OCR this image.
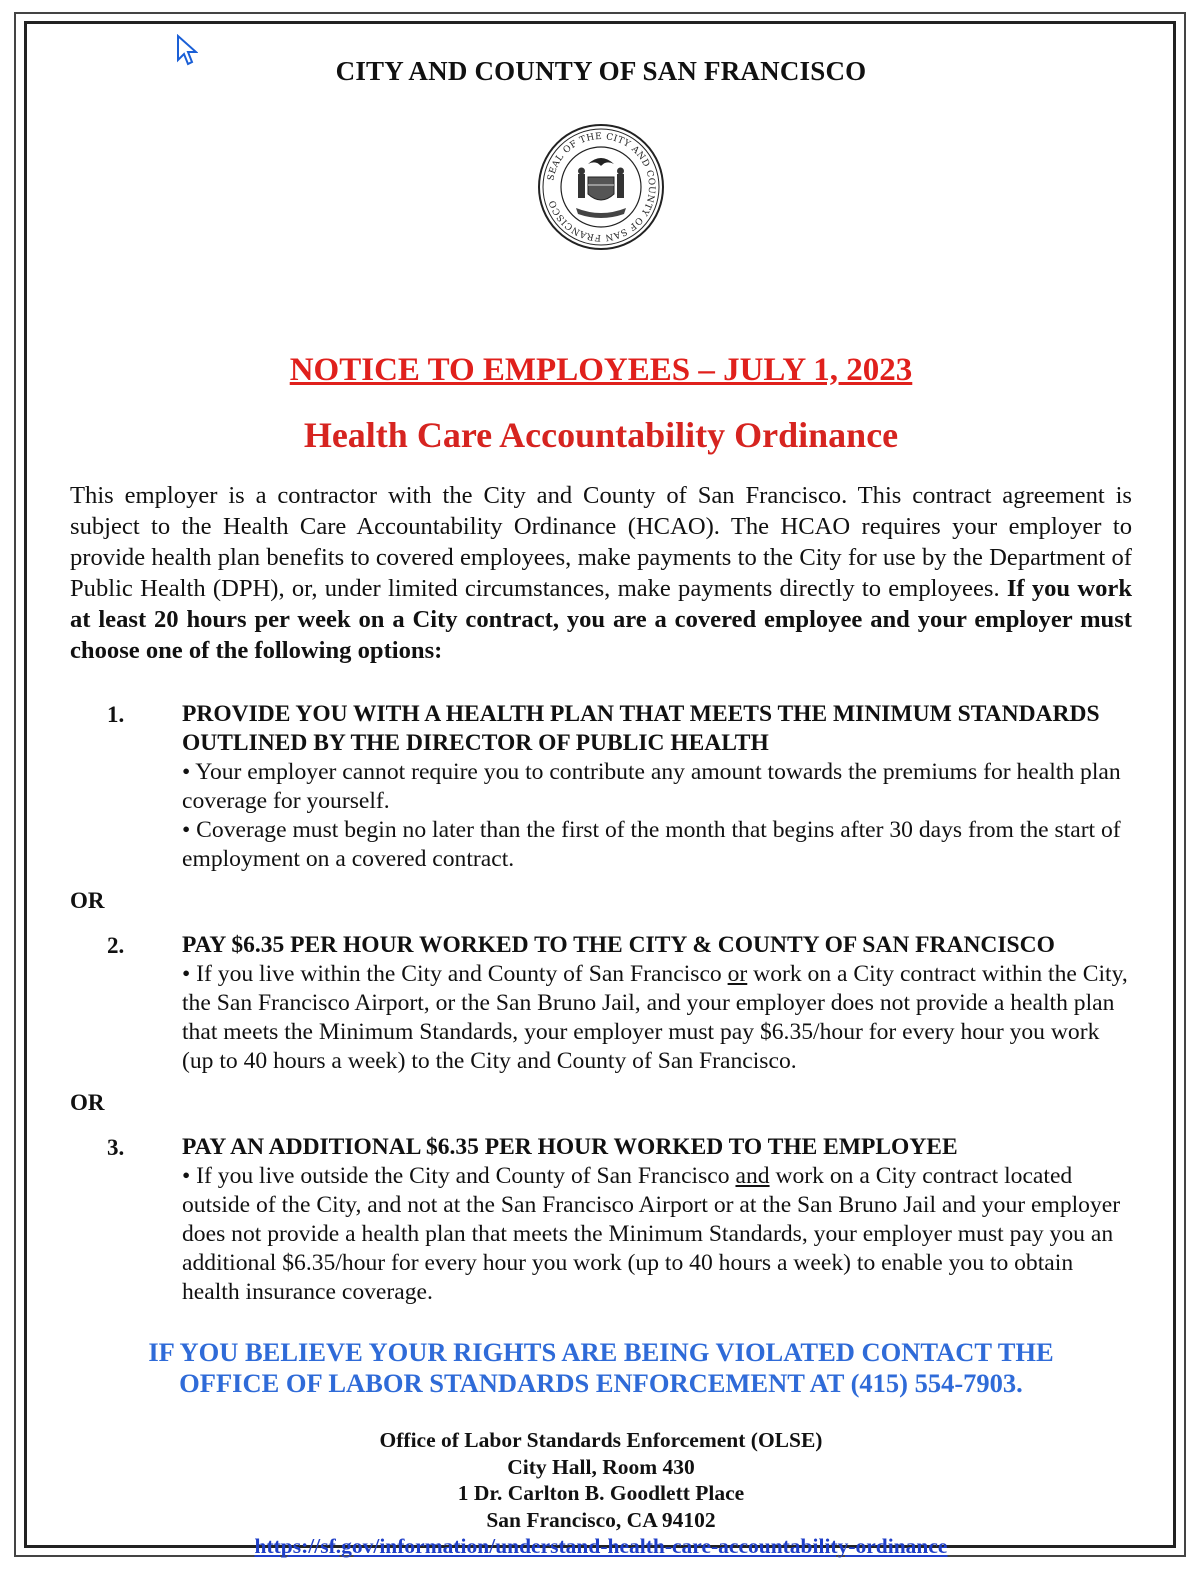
CITY AND COUNTY OF SAN FRANCISCO
SEAL OF THE CITY AND COUNTY OF SAN FRANCISCO
NOTICE TO EMPLOYEES – JULY 1, 2023
Health Care Accountability Ordinance

This employer is a contractor with the City and County of San Francisco. This contract agreement is subject to the Health Care Accountability Ordinance (HCAO). The HCAO requires your employer to provide health plan benefits to covered employees, make payments to the City for use by the Department of Public Health (DPH), or, under limited circumstances, make payments directly to employees. If you work at least 20 hours per week on a City contract, you are a covered employee and your employer must choose one of the following options:

1. PROVIDE YOU WITH A HEALTH PLAN THAT MEETS THE MINIMUM STANDARDS OUTLINED BY THE DIRECTOR OF PUBLIC HEALTH
• Your employer cannot require you to contribute any amount towards the premiums for health plan coverage for yourself.
• Coverage must begin no later than the first of the month that begins after 30 days from the start of employment on a covered contract.
OR
2. PAY $6.35 PER HOUR WORKED TO THE CITY & COUNTY OF SAN FRANCISCO
• If you live within the City and County of San Francisco or work on a City contract within the City, the San Francisco Airport, or the San Bruno Jail, and your employer does not provide a health plan that meets the Minimum Standards, your employer must pay $6.35/hour for every hour you work (up to 40 hours a week) to the City and County of San Francisco.
OR
3. PAY AN ADDITIONAL $6.35 PER HOUR WORKED TO THE EMPLOYEE
• If you live outside the City and County of San Francisco and work on a City contract located outside of the City, and not at the San Francisco Airport or at the San Bruno Jail and your employer does not provide a health plan that meets the Minimum Standards, your employer must pay you an additional $6.35/hour for every hour you work (up to 40 hours a week) to enable you to obtain health insurance coverage.
IF YOU BELIEVE YOUR RIGHTS ARE BEING VIOLATED CONTACT THE
OFFICE OF LABOR STANDARDS ENFORCEMENT AT (415) 554-7903.
Office of Labor Standards Enforcement (OLSE)
City Hall, Room 430
1 Dr. Carlton B. Goodlett Place
San Francisco, CA 94102
https://sf.gov/information/understand-health-care-accountability-ordinance
